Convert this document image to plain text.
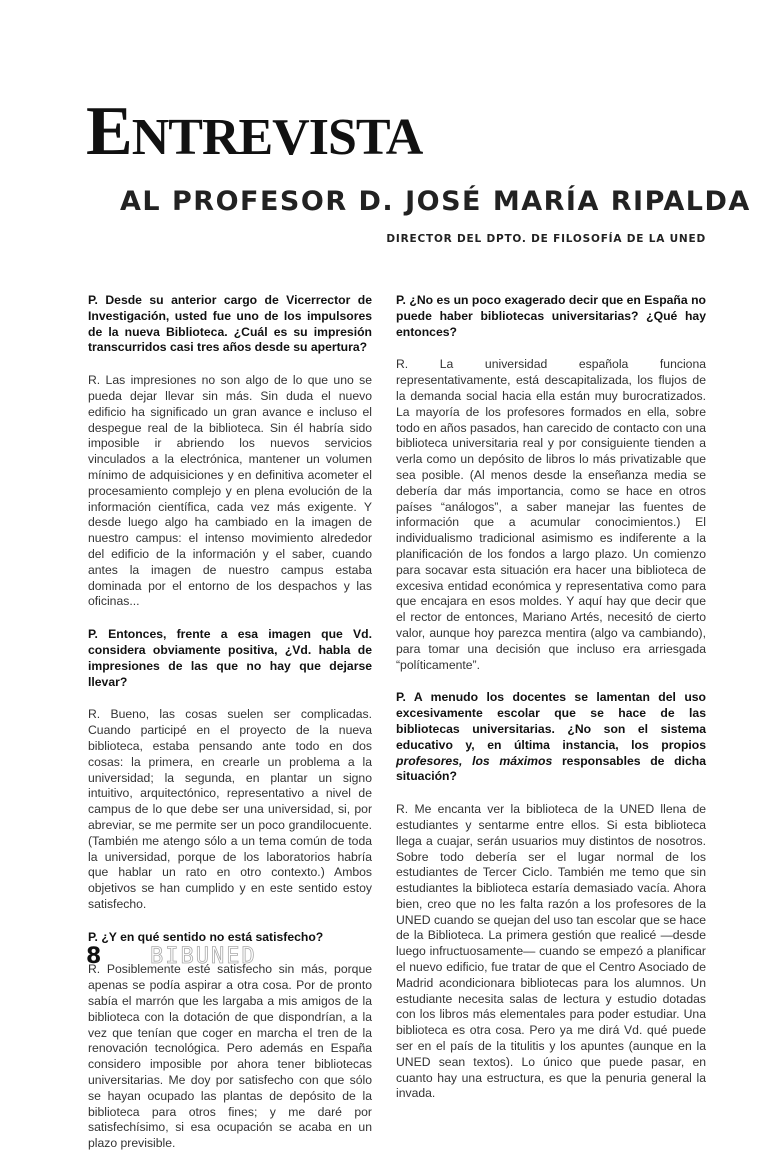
ENTREVISTA
AL PROFESOR D. JOSÉ MARÍA RIPALDA
DIRECTOR DEL DPTO. DE FILOSOFÍA DE LA UNED

P. Desde su anterior cargo de Vicerrector de Investigación, usted fue uno de los impulsores de la nueva Biblioteca. ¿Cuál es su impresión transcurridos casi tres años desde su apertura?

R. Las impresiones no son algo de lo que uno se pueda dejar llevar sin más. Sin duda el nuevo edificio ha significado un gran avance e incluso el despegue real de la biblioteca. Sin él habría sido imposible ir abriendo los nuevos servicios vinculados a la electrónica, mantener un volumen mínimo de adquisiciones y en definitiva acometer el procesamiento complejo y en plena evolución de la información científica, cada vez más exigente. Y desde luego algo ha cambiado en la imagen de nuestro campus: el intenso movimiento alrededor del edificio de la información y el saber, cuando antes la imagen de nuestro campus estaba dominada por el entorno de los despachos y las oficinas...

P. Entonces, frente a esa imagen que Vd. considera obviamente positiva, ¿Vd. habla de impresiones de las que no hay que dejarse llevar?

R. Bueno, las cosas suelen ser complicadas. Cuando participé en el proyecto de la nueva biblioteca, estaba pensando ante todo en dos cosas: la primera, en crearle un problema a la universidad; la segunda, en plantar un signo intuitivo, arquitectónico, representativo a nivel de campus de lo que debe ser una universidad, si, por abreviar, se me permite ser un poco grandilocuente. (También me atengo sólo a un tema común de toda la universidad, porque de los laboratorios habría que hablar un rato en otro contexto.) Ambos objetivos se han cumplido y en este sentido estoy satisfecho.

P. ¿Y en qué sentido no está satisfecho?

R. Posiblemente esté satisfecho sin más, porque apenas se podía aspirar a otra cosa. Por de pronto sabía el marrón que les largaba a mis amigos de la biblioteca con la dotación de que dispondrían, a la vez que tenían que coger en marcha el tren de la renovación tecnológica. Pero además en España considero imposible por ahora tener bibliotecas universitarias. Me doy por satisfecho con que sólo se hayan ocupado las plantas de depósito de la biblioteca para otros fines; y me daré por satisfechísimo, si esa ocupación se acaba en un plazo previsible.

P. ¿No es un poco exagerado decir que en España no puede haber bibliotecas universitarias? ¿Qué hay entonces?

R. La universidad española funciona representativamente, está descapitalizada, los flujos de la demanda social hacia ella están muy burocratizados. La mayoría de los profesores formados en ella, sobre todo en años pasados, han carecido de contacto con una biblioteca universitaria real y por consiguiente tienden a verla como un depósito de libros lo más privatizable que sea posible. (Al menos desde la enseñanza media se debería dar más importancia, como se hace en otros países “análogos”, a saber manejar las fuentes de información que a acumular conocimientos.) El individualismo tradicional asimismo es indiferente a la planificación de los fondos a largo plazo. Un comienzo para socavar esta situación era hacer una biblioteca de excesiva entidad económica y representativa como para que encajara en esos moldes. Y aquí hay que decir que el rector de entonces, Mariano Artés, necesitó de cierto valor, aunque hoy parezca mentira (algo va cambiando), para tomar una decisión que incluso era arriesgada “políticamente”.

P. A menudo los docentes se lamentan del uso excesivamente escolar que se hace de las bibliotecas universitarias. ¿No son el sistema educativo y, en última instancia, los propios profesores, los máximos responsables de dicha situación?

R. Me encanta ver la biblioteca de la UNED llena de estudiantes y sentarme entre ellos. Si esta biblioteca llega a cuajar, serán usuarios muy distintos de nosotros. Sobre todo debería ser el lugar normal de los estudiantes de Tercer Ciclo. También me temo que sin estudiantes la biblioteca estaría demasiado vacía. Ahora bien, creo que no les falta razón a los profesores de la UNED cuando se quejan del uso tan escolar que se hace de la Biblioteca. La primera gestión que realicé —desde luego infructuosamente— cuando se empezó a planificar el nuevo edificio, fue tratar de que el Centro Asociado de Madrid acondicionara bibliotecas para los alumnos. Un estudiante necesita salas de lectura y estudio dotadas con los libros más elementales para poder estudiar. Una biblioteca es otra cosa. Pero ya me dirá Vd. qué puede ser en el país de la titulitis y los apuntes (aunque en la UNED sean textos). Lo único que puede pasar, en cuanto hay una estructura, es que la penuria general la invada.

8 BIBUNED
